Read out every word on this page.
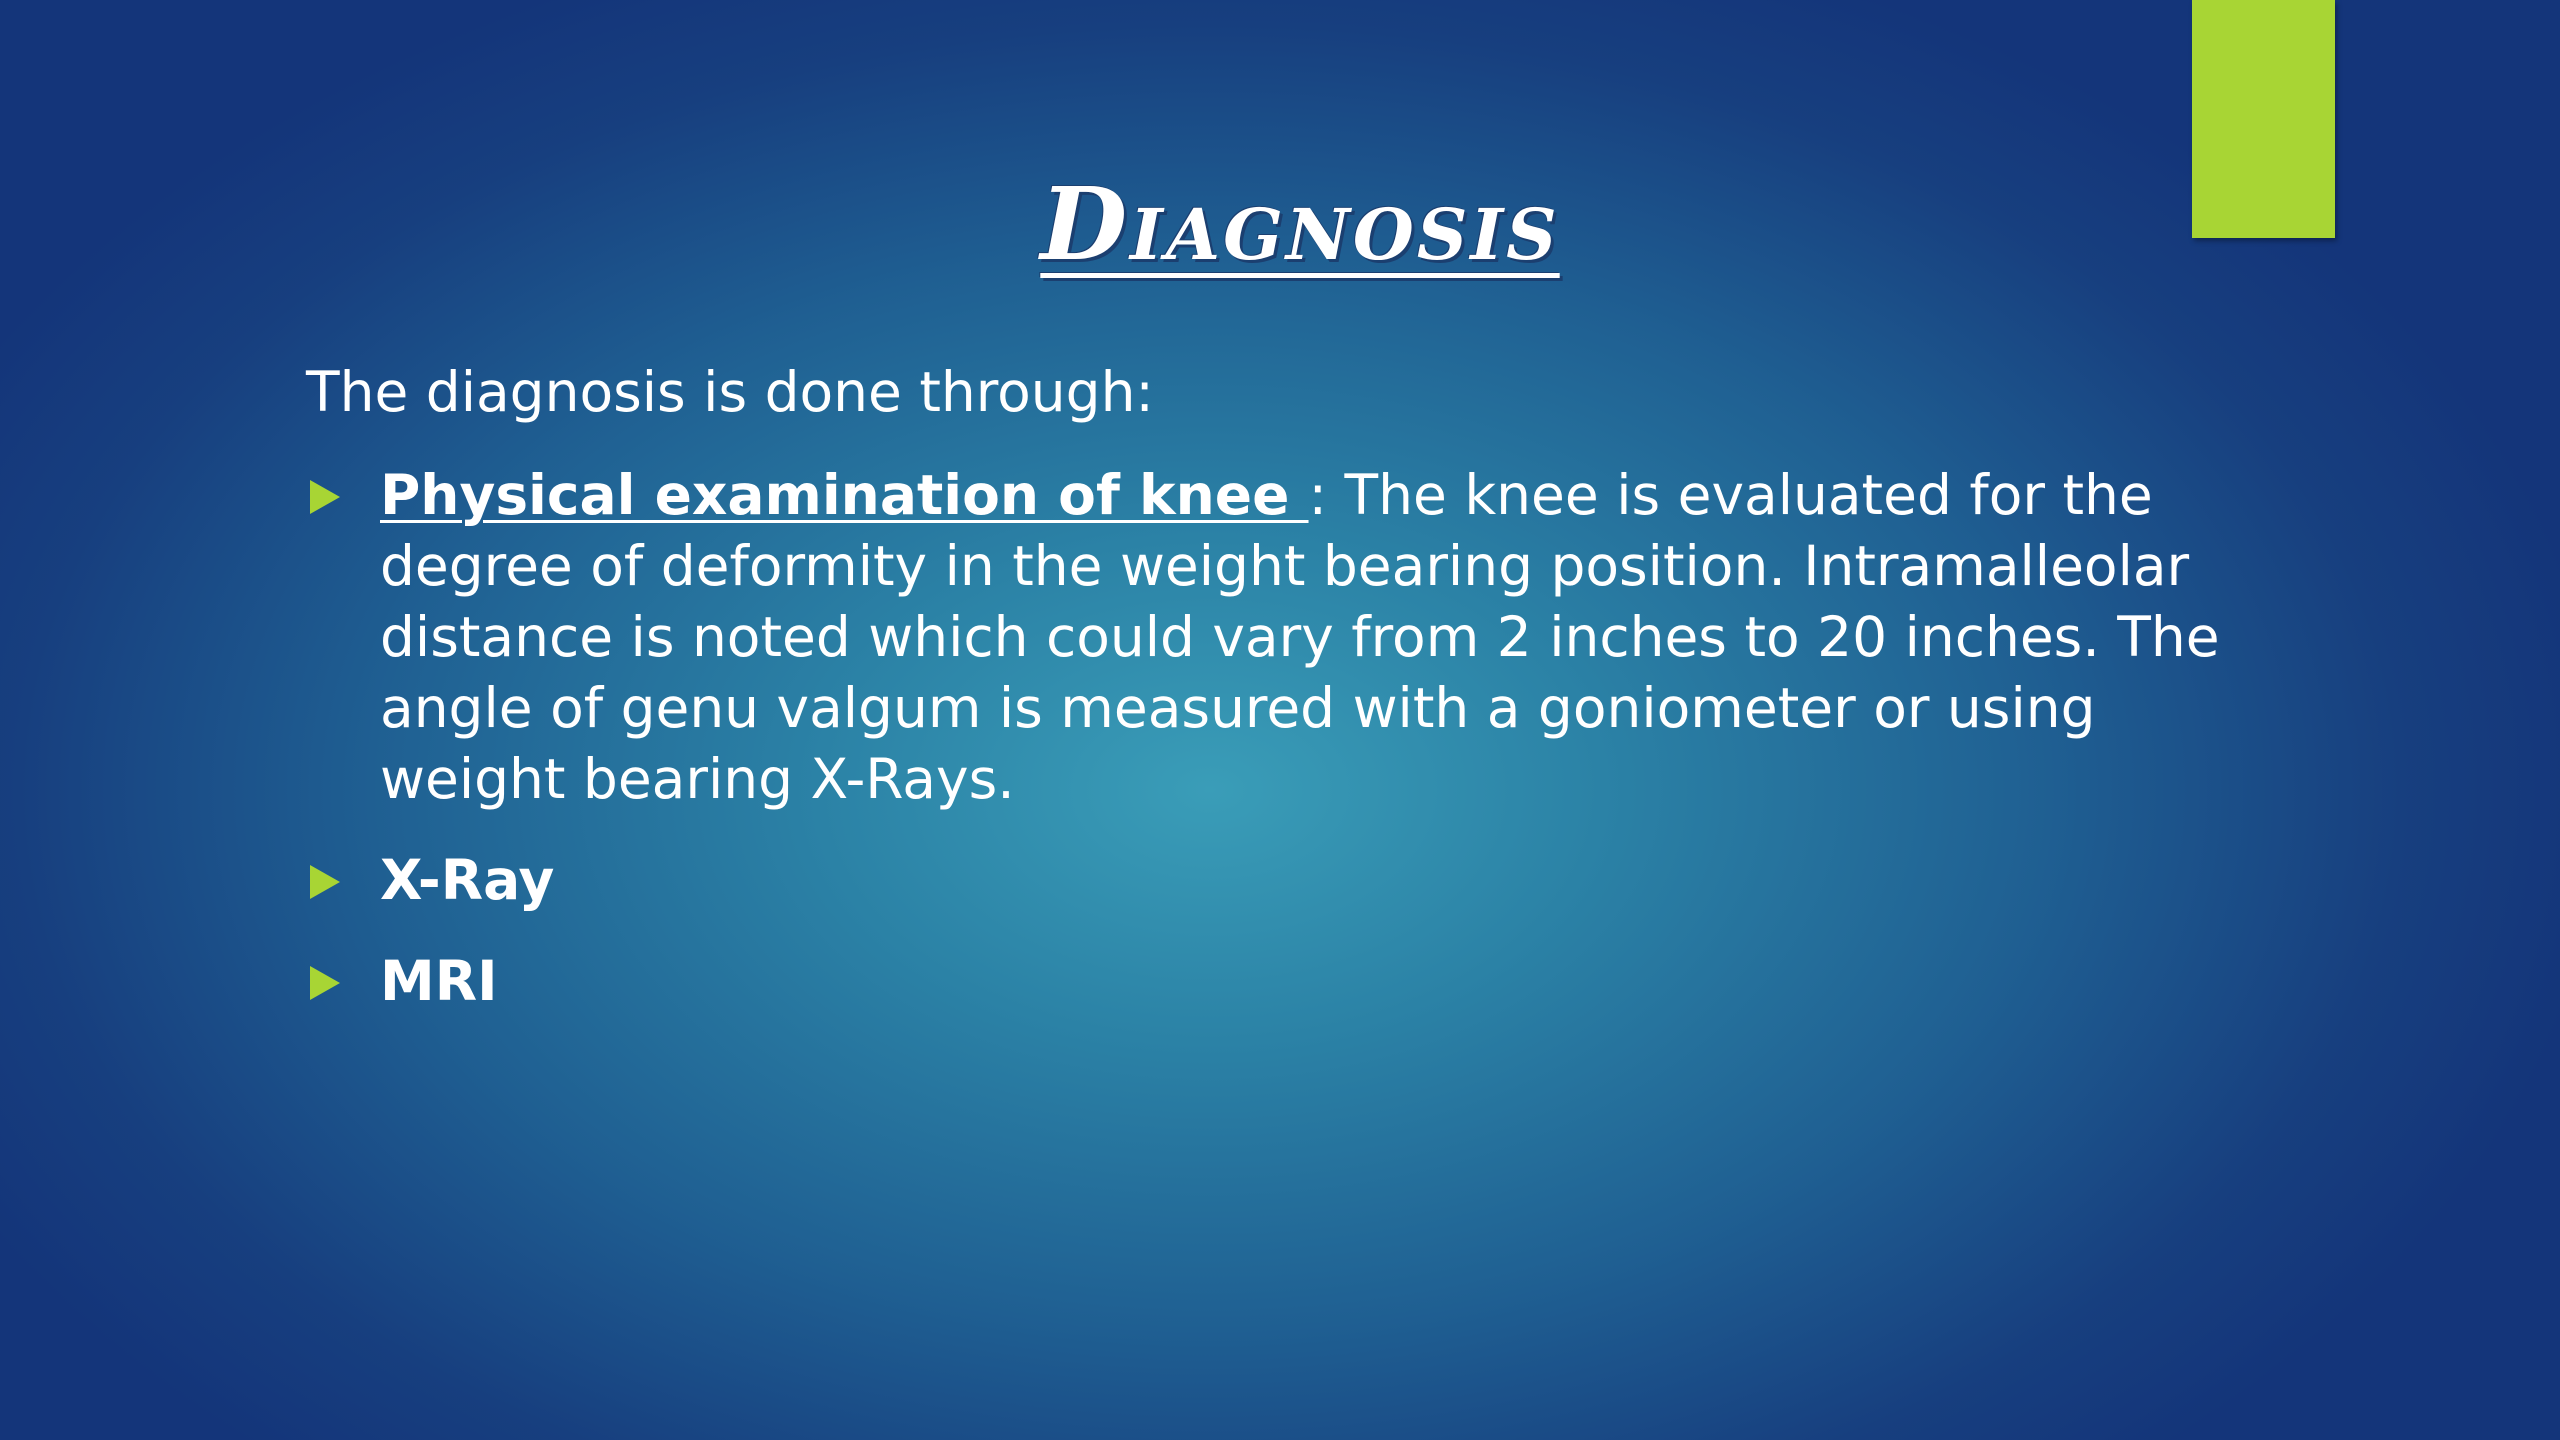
Diagnosis
The diagnosis is done through:
Physical examination of knee : The knee is evaluated for the degree of deformity in the weight bearing position. Intramalleolar distance is noted which could vary from 2 inches to 20 inches. The angle of genu valgum is measured with a goniometer or using weight bearing X-Rays.
X-Ray
MRI
